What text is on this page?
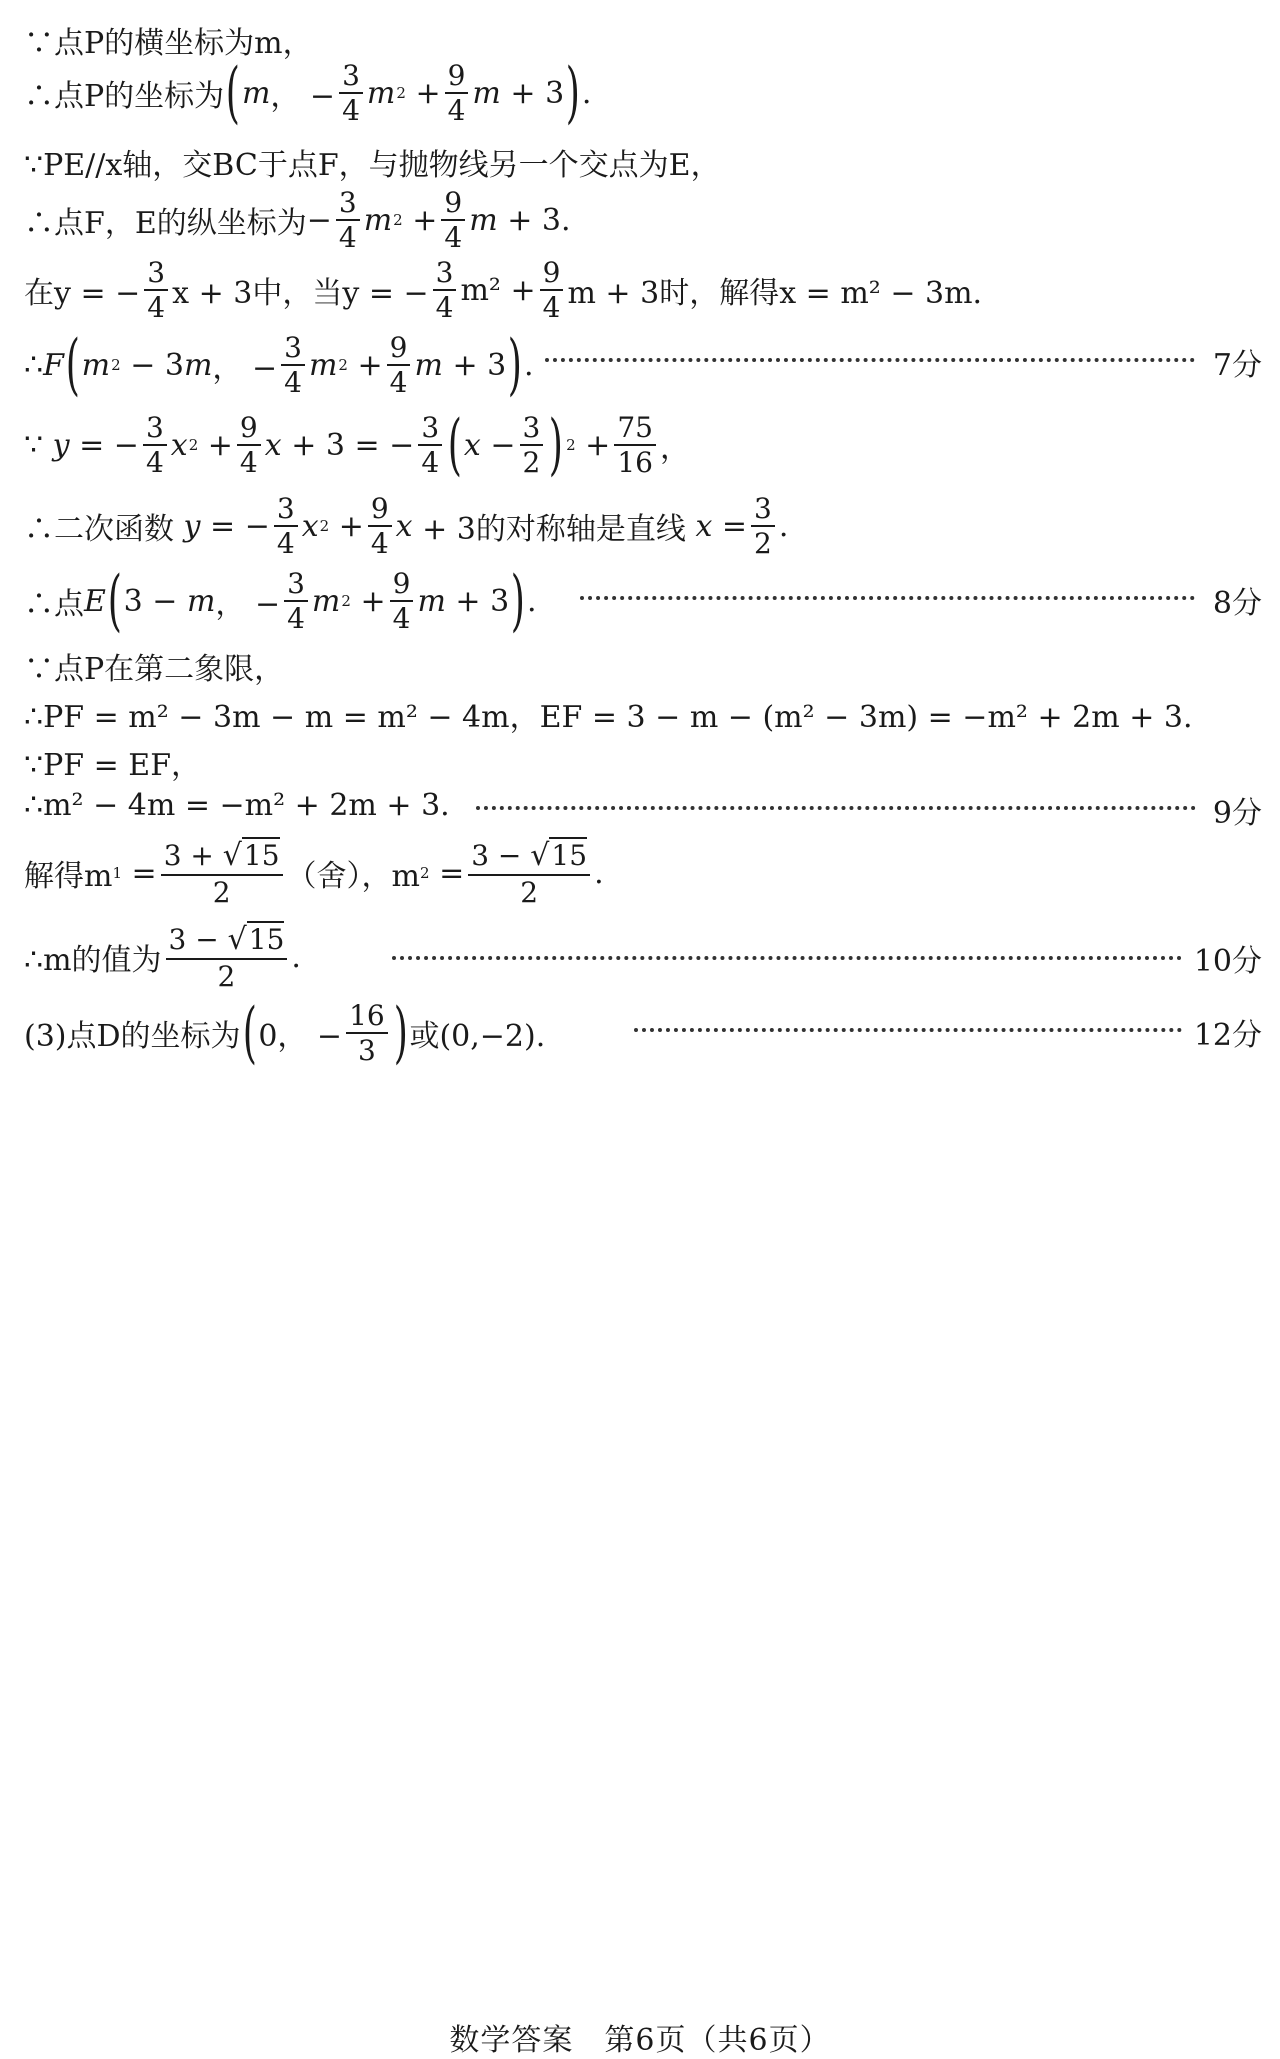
∵点P的横坐标为m，
∴点P的坐标为 ( m ， − $\frac{3}{4}$ m $2 + \frac{9}{4}$ m + 3 ) .
∵PE//x轴，交BC于点F，与抛物线另一个交点为E，
∴点F，E的纵坐标为 − $\frac{3}{4}$ m $2 + \frac{9}{4}$ m + 3.
在y = − $\frac{3}{4}$ x + 3中，当y = − $\frac{3}{4} m^2 + \frac{9}{4}$ m + 3时，解得x = m² − 3m.
∴ F ( m 2 − 3 m ， − $\frac{3}{4}$ m $2 + \frac{9}{4}$ m + 3 ) .	7分
∵ y = − $\frac{3}{4}$ x $2 + \frac{9}{4}$ x + 3 = − $\frac{3}{4}$ ( $x - \frac{3}{2}$ ) $2 + \frac{75}{16}$ ，
∴二次函数 y = − $\frac{3}{4}$ x $2 + \frac{9}{4}$ x + 3的对称轴是直线 $x = \frac{3}{2}$ .
∴点 E ( 3 − m ， − $\frac{3}{4}$ m $2 + \frac{9}{4}$ m + 3 ) .	8分
∵点P在第二象限，
∴PF = m² − 3m − m = m² − 4m，EF = 3 − m − (m² − 3m) = −m² + 2m + 3.
∵PF = EF，
∴m² − 4m = −m² + 2m + 3.	9分
解得m $1 = \frac{3 + √15}{2}$ （舍），m $2 = \frac{3 - √15}{2}$ .
∴m的值为 $\frac{3 - √15}{2}$ .	10分
(3)点D的坐标为 ( 0， − $\frac{16}{3}$ ) 或(0,−2).	12分
数学答案　第6页（共6页）
